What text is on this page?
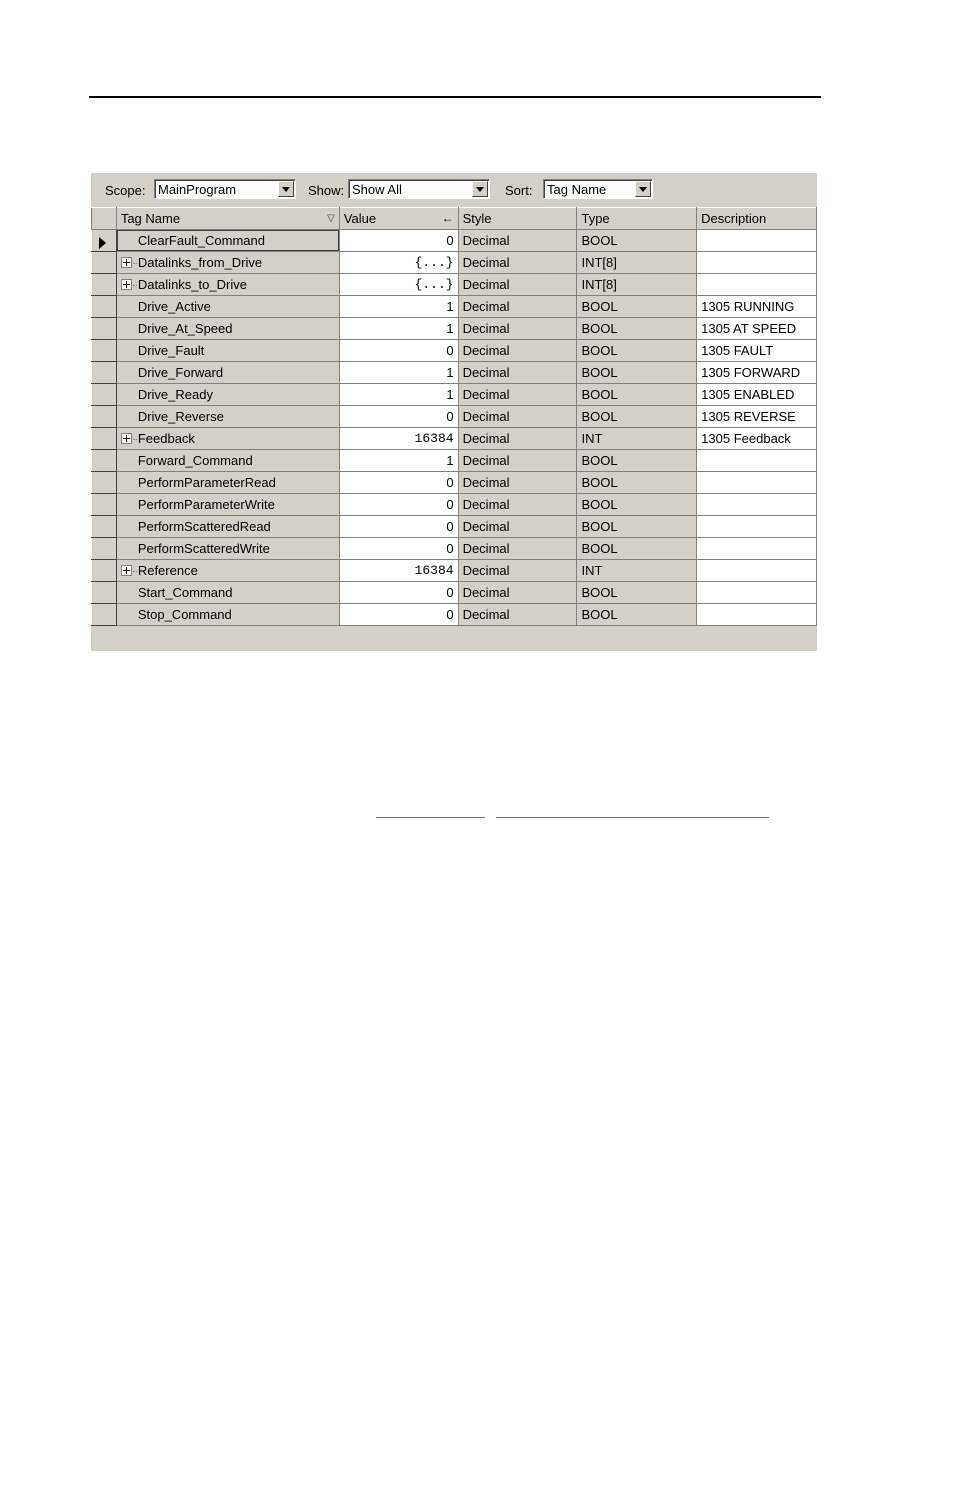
Scope: MainProgram	Show: Show All	Sort: Tag Name
	Tag Name ▽	Value ←	Style	Type	Description

	ClearFault_Command	0	Decimal	BOOL	
	Datalinks_from_Drive	{...}	Decimal	INT[8]	
	Datalinks_to_Drive	{...}	Decimal	INT[8]	
	Drive_Active	1	Decimal	BOOL	1305 RUNNING
	Drive_At_Speed	1	Decimal	BOOL	1305 AT SPEED
	Drive_Fault	0	Decimal	BOOL	1305 FAULT
	Drive_Forward	1	Decimal	BOOL	1305 FORWARD
	Drive_Ready	1	Decimal	BOOL	1305 ENABLED
	Drive_Reverse	0	Decimal	BOOL	1305 REVERSE
	Feedback	16384	Decimal	INT	1305 Feedback
	Forward_Command	1	Decimal	BOOL	
	PerformParameterRead	0	Decimal	BOOL	
	PerformParameterWrite	0	Decimal	BOOL	
	PerformScatteredRead	0	Decimal	BOOL	
	PerformScatteredWrite	0	Decimal	BOOL	
	Reference	16384	Decimal	INT	
	Start_Command	0	Decimal	BOOL	
	Stop_Command	0	Decimal	BOOL	
